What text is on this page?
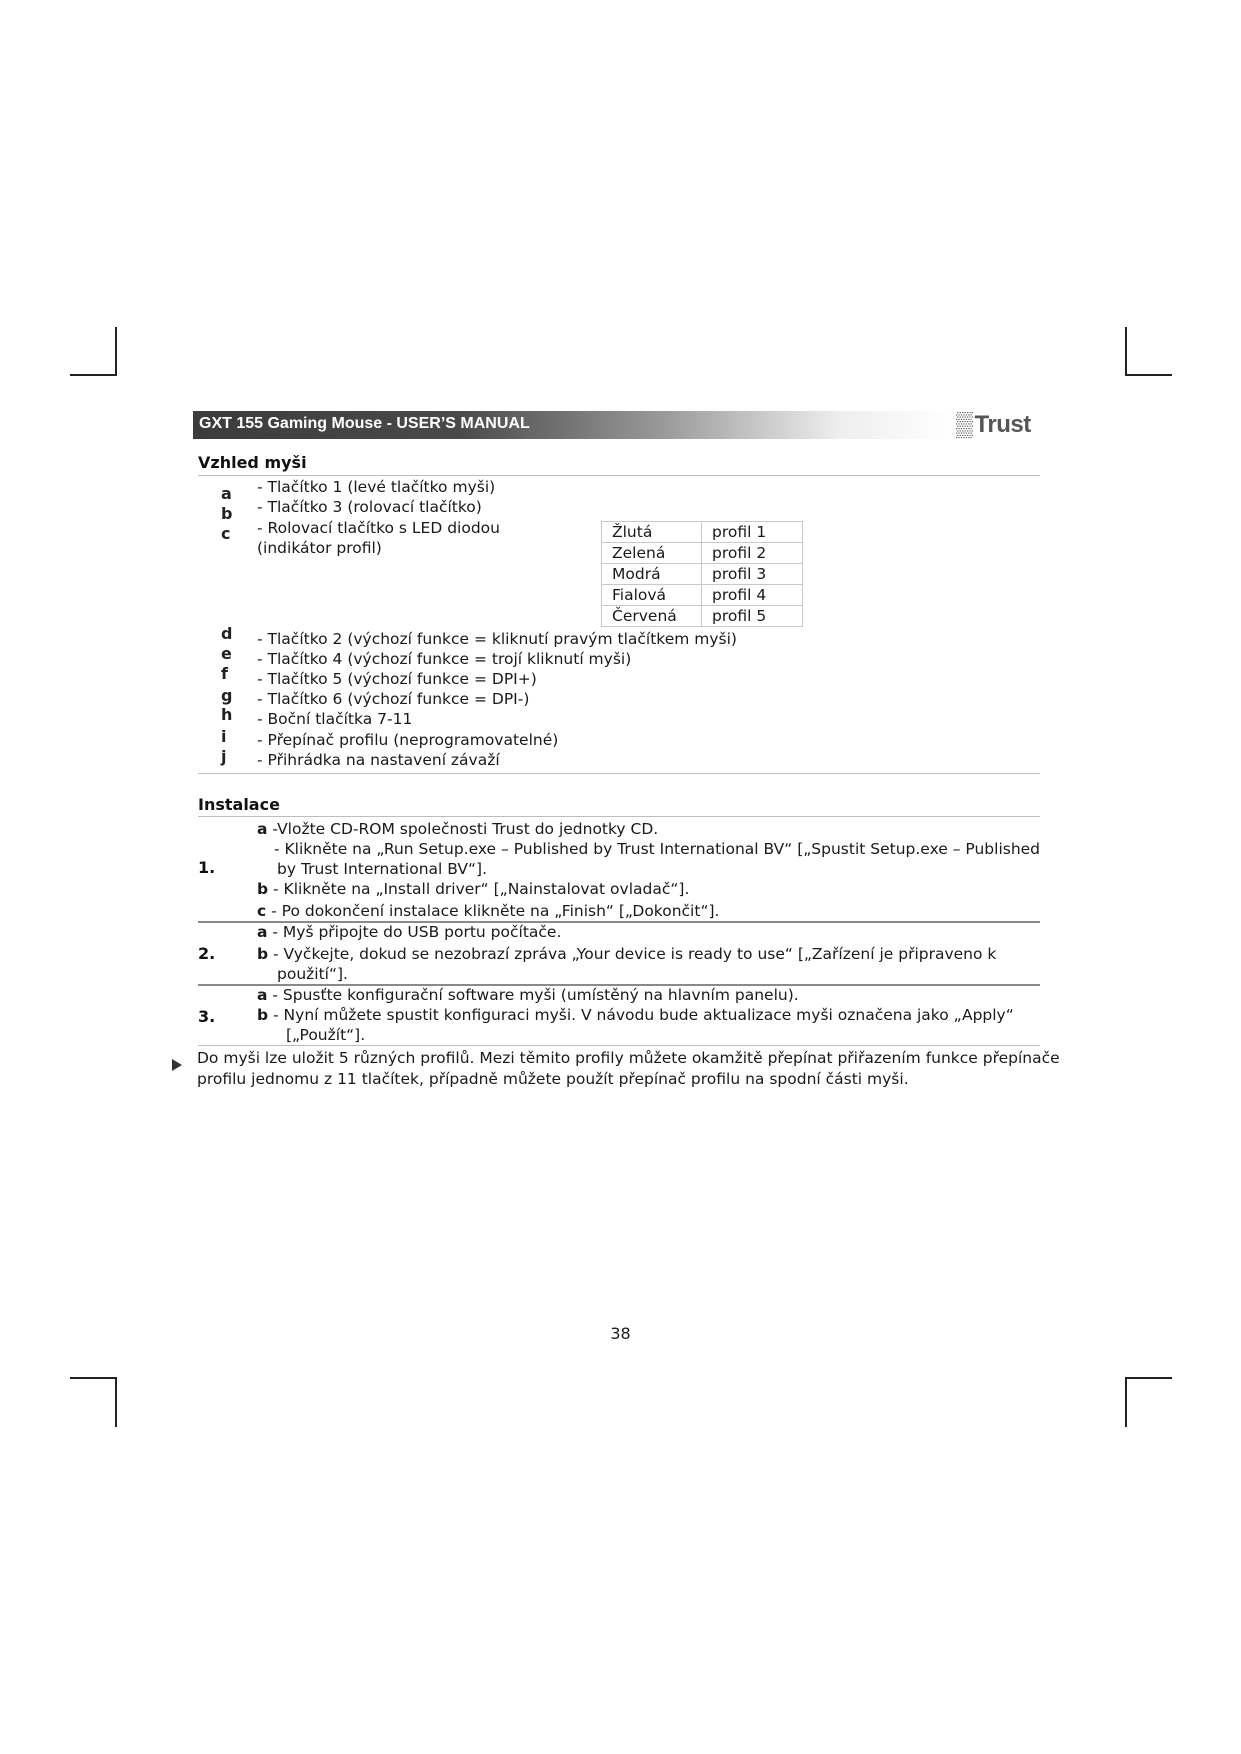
GXT 155 Gaming Mouse - USER’S MANUAL	▒Trust
Vzhled myši
a	- Tlačítko 1 (levé tlačítko myši)
b	- Tlačítko 3 (rolovací tlačítko)
c	- Rolovací tlačítko s LED diodou
(indikátor profil)
Žlutá	profil 1
Zelená	profil 2
Modrá	profil 3
Fialová	profil 4
Červená	profil 5
d	- Tlačítko 2 (výchozí funkce = kliknutí pravým tlačítkem myši)
e	- Tlačítko 4 (výchozí funkce = trojí kliknutí myši)
f	- Tlačítko 5 (výchozí funkce = DPI+)
g	- Tlačítko 6 (výchozí funkce = DPI-)
h	- Boční tlačítka 7-11
i	- Přepínač profilu (neprogramovatelné)
j	- Přihrádka na nastavení závaží
Instalace
1.
a -Vložte CD-ROM společnosti Trust do jednotky CD.
- Klikněte na „Run Setup.exe – Published by Trust International BV“ [„Spustit Setup.exe – Published
by Trust International BV“].
b - Klikněte na „Install driver“ [„Nainstalovat ovladač“].
c - Po dokončení instalace klikněte na „Finish“ [„Dokončit“].
2.
a - Myš připojte do USB portu počítače.
b - Vyčkejte, dokud se nezobrazí zpráva „Your device is ready to use“ [„Zařízení je připraveno k
použití“].
3.
a - Spusťte konfigurační software myši (umístěný na hlavním panelu).
b - Nyní můžete spustit konfiguraci myši. V návodu bude aktualizace myši označena jako „Apply“
[„Použít“].
Do myši lze uložit 5 různých profilů. Mezi těmito profily můžete okamžitě přepínat přiřazením funkce přepínače
profilu jednomu z 11 tlačítek, případně můžete použít přepínač profilu na spodní části myši.
38
